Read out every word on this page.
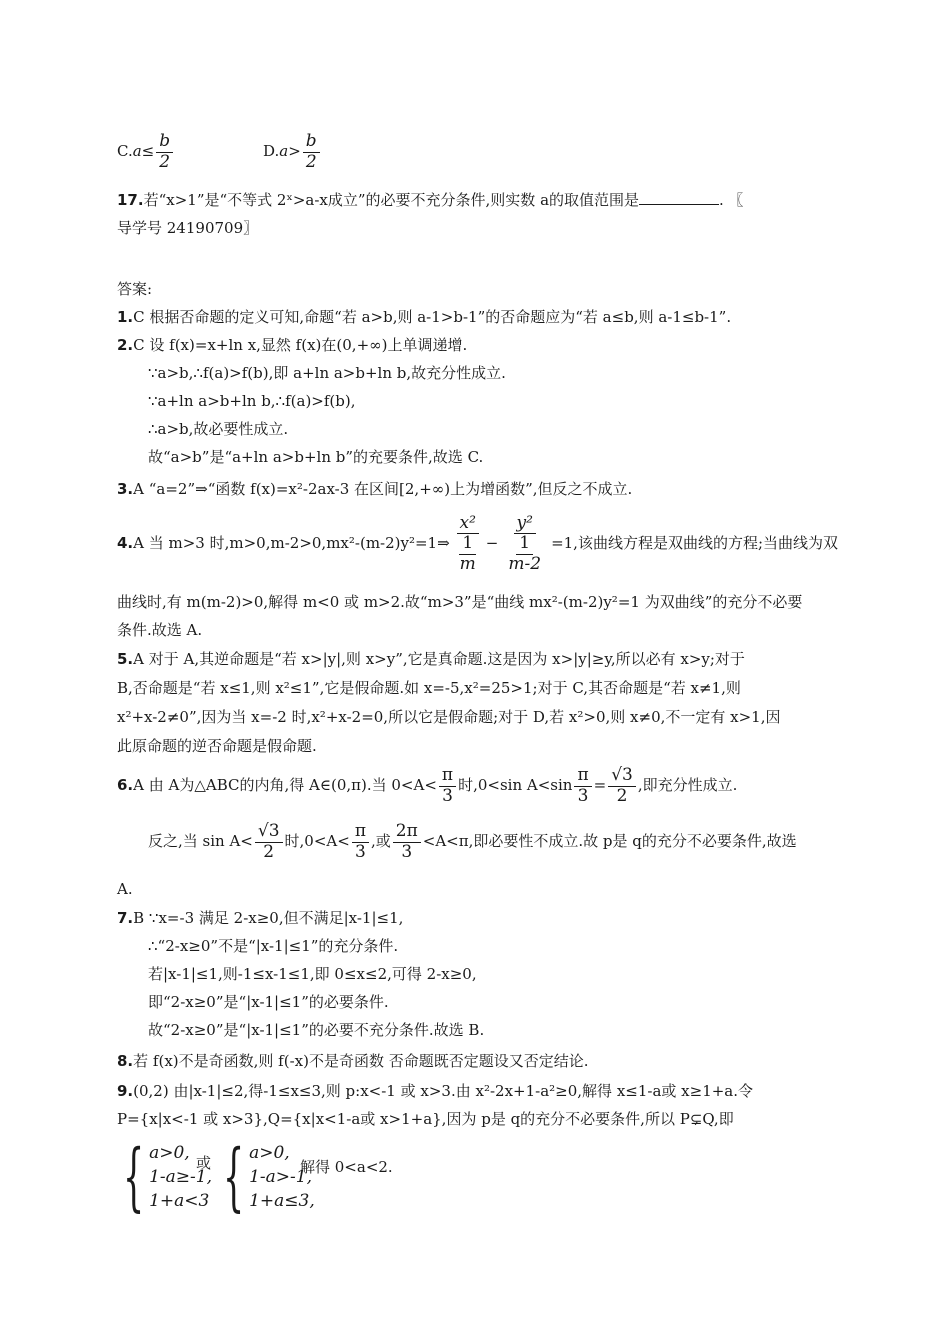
$C.a\le \frac{b}{2}$	$D.a> \frac{b}{2}$
17.若“x>1”是“不等式 2ˣ>a-x成立”的必要不充分条件,则实数 a的取值范围是	. 〖
导学号 24190709〗
答案:
1.C 根据否命题的定义可知,命题“若 a>b,则 a-1>b-1”的否命题应为“若 a≤b,则 a-1≤b-1”.
2.C 设 f(x)=x+ln x,显然 f(x)在(0,+∞)上单调递增.
∵a>b,∴f(a)>f(b),即 a+ln a>b+ln b,故充分性成立.
∵a+ln a>b+ln b,∴f(a)>f(b),
∴a>b,故必要性成立.
故“a>b”是“a+ln a>b+ln b”的充要条件,故选 C.
3.A “a=2”⇒“函数 f(x)=x²-2ax-3 在区间[2,+∞)上为增函数”,但反之不成立.
4.A 当 m>3 时,m>0,m-2>0,mx²-(m-2)y²=1⇒ $\frac{\text{x²}}{\frac{1}{m}} - \frac{\text{y²}}{\frac{1}{m-2}} =1$,该曲线方程是双曲线的方程;当曲线为双
曲线时,有 m(m-2)>0,解得 m<0 或 m>2.故“m>3”是“曲线 mx²-(m-2)y²=1 为双曲线”的充分不必要
条件.故选 A.
5.A 对于 A,其逆命题是“若 x>|y|,则 x>y”,它是真命题.这是因为 x>|y|≥y,所以必有 x>y;对于
B,否命题是“若 x≤1,则 x²≤1”,它是假命题.如 x=-5,x²=25>1;对于 C,其否命题是“若 x≠1,则
x²+x-2≠0”,因为当 x=-2 时,x²+x-2=0,所以它是假命题;对于 D,若 x²>0,则 x≠0,不一定有 x>1,因
此原命题的逆否命题是假命题.
6.A 由 A为△ABC的内角,得 A∈(0,π).当 $0<A< \frac{\pi}{3}$ 时,0<sin $A<\sin \frac{\pi}{3} = \frac{√3}{2}$ ,即充分性成立.
反之,当 $\sin A< \frac{√3}{2}$ 时$,0<A< \frac{\pi}{3}$ ,或 $\frac{2\pi}{3} <A<\pi$,即必要性不成立.故 p是 q的充分不必要条件,故选
A.
7.B ∵x=-3 满足 2-x≥0,但不满足|x-1|≤1,
∴“2-x≥0”不是“|x-1|≤1”的充分条件.
若|x-1|≤1,则-1≤x-1≤1,即 0≤x≤2,可得 2-x≥0,
即“2-x≥0”是“|x-1|≤1”的必要条件.
故“2-x≥0”是“|x-1|≤1”的必要不充分条件.故选 B.
8.若 f(x)不是奇函数,则 f(-x)不是奇函数 否命题既否定题设又否定结论.
9.(0,2) 由|x-1|≤2,得-1≤x≤3,则 p:x<-1 或 x>3.由 x²-2x+1-a²≥0,解得 x≤1-a或 x≥1+a.令
P={x|x<-1 或 x>3},Q={x|x<1-a或 x>1+a},因为 p是 q的充分不必要条件,所以 P⊊Q,即
{ a>0,
1-a≥-1,
1+a<3
或 { a>0,
1-a>-1,
1+a≤3,
解得 0<a<2.
